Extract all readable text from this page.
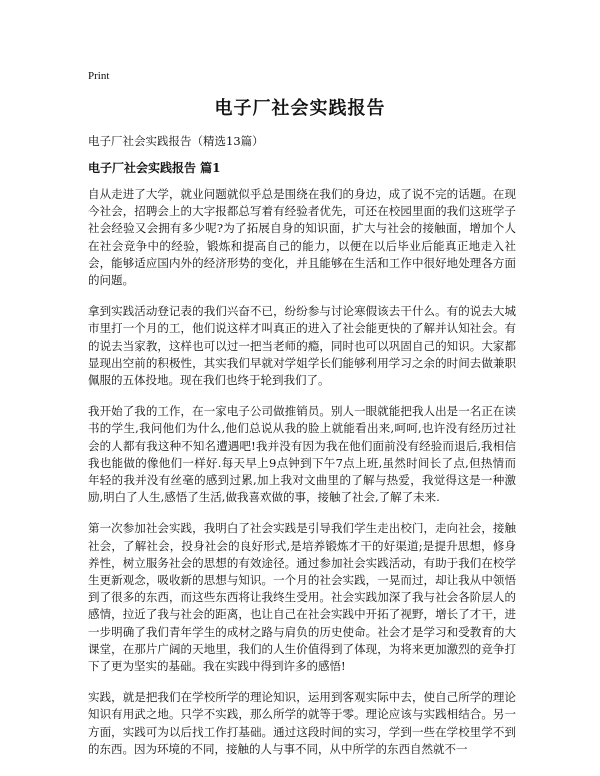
Print
电子厂社会实践报告
电子厂社会实践报告（精选13篇）
电子厂社会实践报告 篇1

自从走进了大学，就业问题就似乎总是围绕在我们的身边，成了说不完的话题。在现今社会，招聘会上的大字报都总写着有经验者优先，可还在校园里面的我们这班学子社会经验又会拥有多少呢?为了拓展自身的知识面，扩大与社会的接触面，增加个人在社会竞争中的经验，锻炼和提高自己的能力，以便在以后毕业后能真正地走入社会，能够适应国内外的经济形势的变化，并且能够在生活和工作中很好地处理各方面的问题。

拿到实践活动登记表的我们兴奋不已，纷纷参与讨论寒假该去干什么。有的说去大城市里打一个月的工，他们说这样才叫真正的进入了社会能更快的了解并认知社会。有的说去当家教，这样也可以过一把当老师的瘾，同时也可以巩固自己的知识。大家都显现出空前的积极性，其实我们早就对学姐学长们能够利用学习之余的时间去做兼职佩服的五体投地。现在我们也终于轮到我们了。

我开始了我的工作，在一家电子公司做推销员。别人一眼就能把我人出是一名正在读书的学生,我问他们为什么,他们总说从我的脸上就能看出来,呵呵,也许没有经历过社会的人都有我这种不知名遭遇吧!我并没有因为我在他们面前没有经验而退后,我相信我也能做的像他们一样好.每天早上9点钟到下午7点上班,虽然时间长了点,但热情而年轻的我并没有丝毫的感到过累,加上我对文曲里的了解与热爱，我觉得这是一种激励,明白了人生,感悟了生活,做我喜欢做的事，接触了社会,了解了未来.

第一次参加社会实践，我明白了社会实践是引导我们学生走出校门，走向社会，接触社会，了解社会，投身社会的良好形式,是培养锻炼才干的好渠道;是提升思想，修身养性，树立服务社会的思想的有效途径。通过参加社会实践活动，有助于我们在校学生更新观念，吸收新的思想与知识。一个月的社会实践，一晃而过，却让我从中领悟到了很多的东西，而这些东西将让我终生受用。社会实践加深了我与社会各阶层人的感情，拉近了我与社会的距离，也让自己在社会实践中开拓了视野，增长了才干，进一步明确了我们青年学生的成材之路与肩负的历史使命。社会才是学习和受教育的大课堂，在那片广阔的天地里，我们的人生价值得到了体现，为将来更加激烈的竞争打下了更为坚实的基础。我在实践中得到许多的感悟!

实践，就是把我们在学校所学的理论知识，运用到客观实际中去，使自己所学的理论知识有用武之地。只学不实践，那么所学的就等于零。理论应该与实践相结合。另一方面，实践可为以后找工作打基础。通过这段时间的实习，学到一些在学校里学不到的东西。因为环境的不同，接触的人与事不同，从中所学的东西自然就不一
